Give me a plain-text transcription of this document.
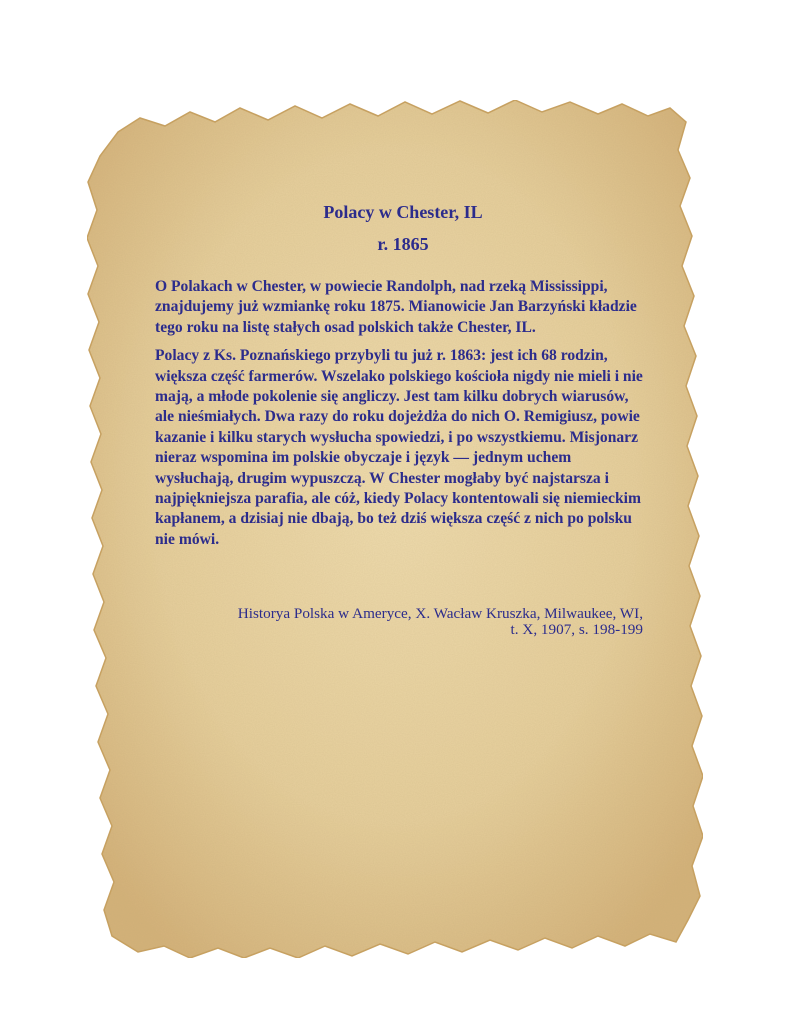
Polacy w Chester, IL
r. 1865

O Polakach w Chester, w powiecie Randolph, nad rzeką Mississippi, znajdujemy już wzmiankę roku 1875. Mianowicie Jan Barzyński kładzie tego roku na listę stałych osad polskich także Chester, IL.

Polacy z Ks. Poznańskiego przybyli tu już r. 1863: jest ich 68 rodzin, większa część farmerów. Wszelako polskiego kościoła nigdy nie mieli i nie mają, a młode pokolenie się angliczy. Jest tam kilku dobrych wiarusów, ale nieśmiałych. Dwa razy do roku dojeżdża do nich O. Remigiusz, powie kazanie i kilku starych wysłucha spowiedzi, i po wszystkiemu. Misjonarz nieraz wspomina im polskie obyczaje i język — jednym uchem wysłuchają, drugim wypuszczą. W Chester mogłaby być najstarsza i najpiękniejsza parafia, ale cóż, kiedy Polacy kontentowali się niemieckim kapłanem, a dzisiaj nie dbają, bo też dziś większa część z nich po polsku nie mówi.

Historya Polska w Ameryce, X. Wacław Kruszka, Milwaukee, WI,
t. X, 1907, s. 198-199
